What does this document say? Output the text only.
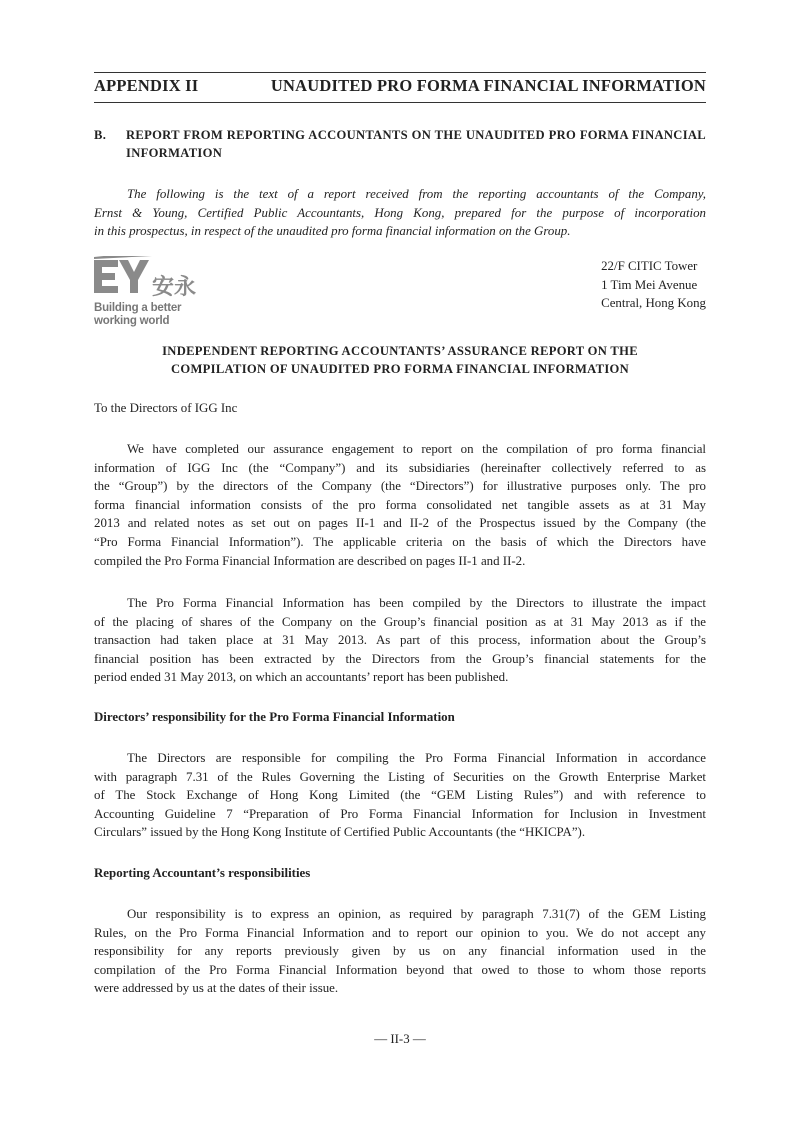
APPENDIX II	UNAUDITED PRO FORMA FINANCIAL INFORMATION
B. REPORT FROM REPORTING ACCOUNTANTS ON THE UNAUDITED PRO FORMA FINANCIAL INFORMATION
The following is the text of a report received from the reporting accountants of the Company,
Ernst & Young, Certified Public Accountants, Hong Kong, prepared for the purpose of incorporation
in this prospectus, in respect of the unaudited pro forma financial information on the Group.
安永
Building a better
working world
22/F CITIC Tower
1 Tim Mei Avenue
Central, Hong Kong
INDEPENDENT REPORTING ACCOUNTANTS’ ASSURANCE REPORT ON THE
COMPILATION OF UNAUDITED PRO FORMA FINANCIAL INFORMATION
To the Directors of IGG Inc
We have completed our assurance engagement to report on the compilation of pro forma financial
information of IGG Inc (the “Company”) and its subsidiaries (hereinafter collectively referred to as
the “Group”) by the directors of the Company (the “Directors”) for illustrative purposes only. The pro
forma financial information consists of the pro forma consolidated net tangible assets as at 31 May
2013 and related notes as set out on pages II-1 and II-2 of the Prospectus issued by the Company (the
“Pro Forma Financial Information”). The applicable criteria on the basis of which the Directors have
compiled the Pro Forma Financial Information are described on pages II-1 and II-2.
The Pro Forma Financial Information has been compiled by the Directors to illustrate the impact
of the placing of shares of the Company on the Group’s financial position as at 31 May 2013 as if the
transaction had taken place at 31 May 2013. As part of this process, information about the Group’s
financial position has been extracted by the Directors from the Group’s financial statements for the
period ended 31 May 2013, on which an accountants’ report has been published.
Directors’ responsibility for the Pro Forma Financial Information
The Directors are responsible for compiling the Pro Forma Financial Information in accordance
with paragraph 7.31 of the Rules Governing the Listing of Securities on the Growth Enterprise Market
of The Stock Exchange of Hong Kong Limited (the “GEM Listing Rules”) and with reference to
Accounting Guideline 7 “Preparation of Pro Forma Financial Information for Inclusion in Investment
Circulars” issued by the Hong Kong Institute of Certified Public Accountants (the “HKICPA”).
Reporting Accountant’s responsibilities
Our responsibility is to express an opinion, as required by paragraph 7.31(7) of the GEM Listing
Rules, on the Pro Forma Financial Information and to report our opinion to you. We do not accept any
responsibility for any reports previously given by us on any financial information used in the
compilation of the Pro Forma Financial Information beyond that owed to those to whom those reports
were addressed by us at the dates of their issue.
— II-3 —
